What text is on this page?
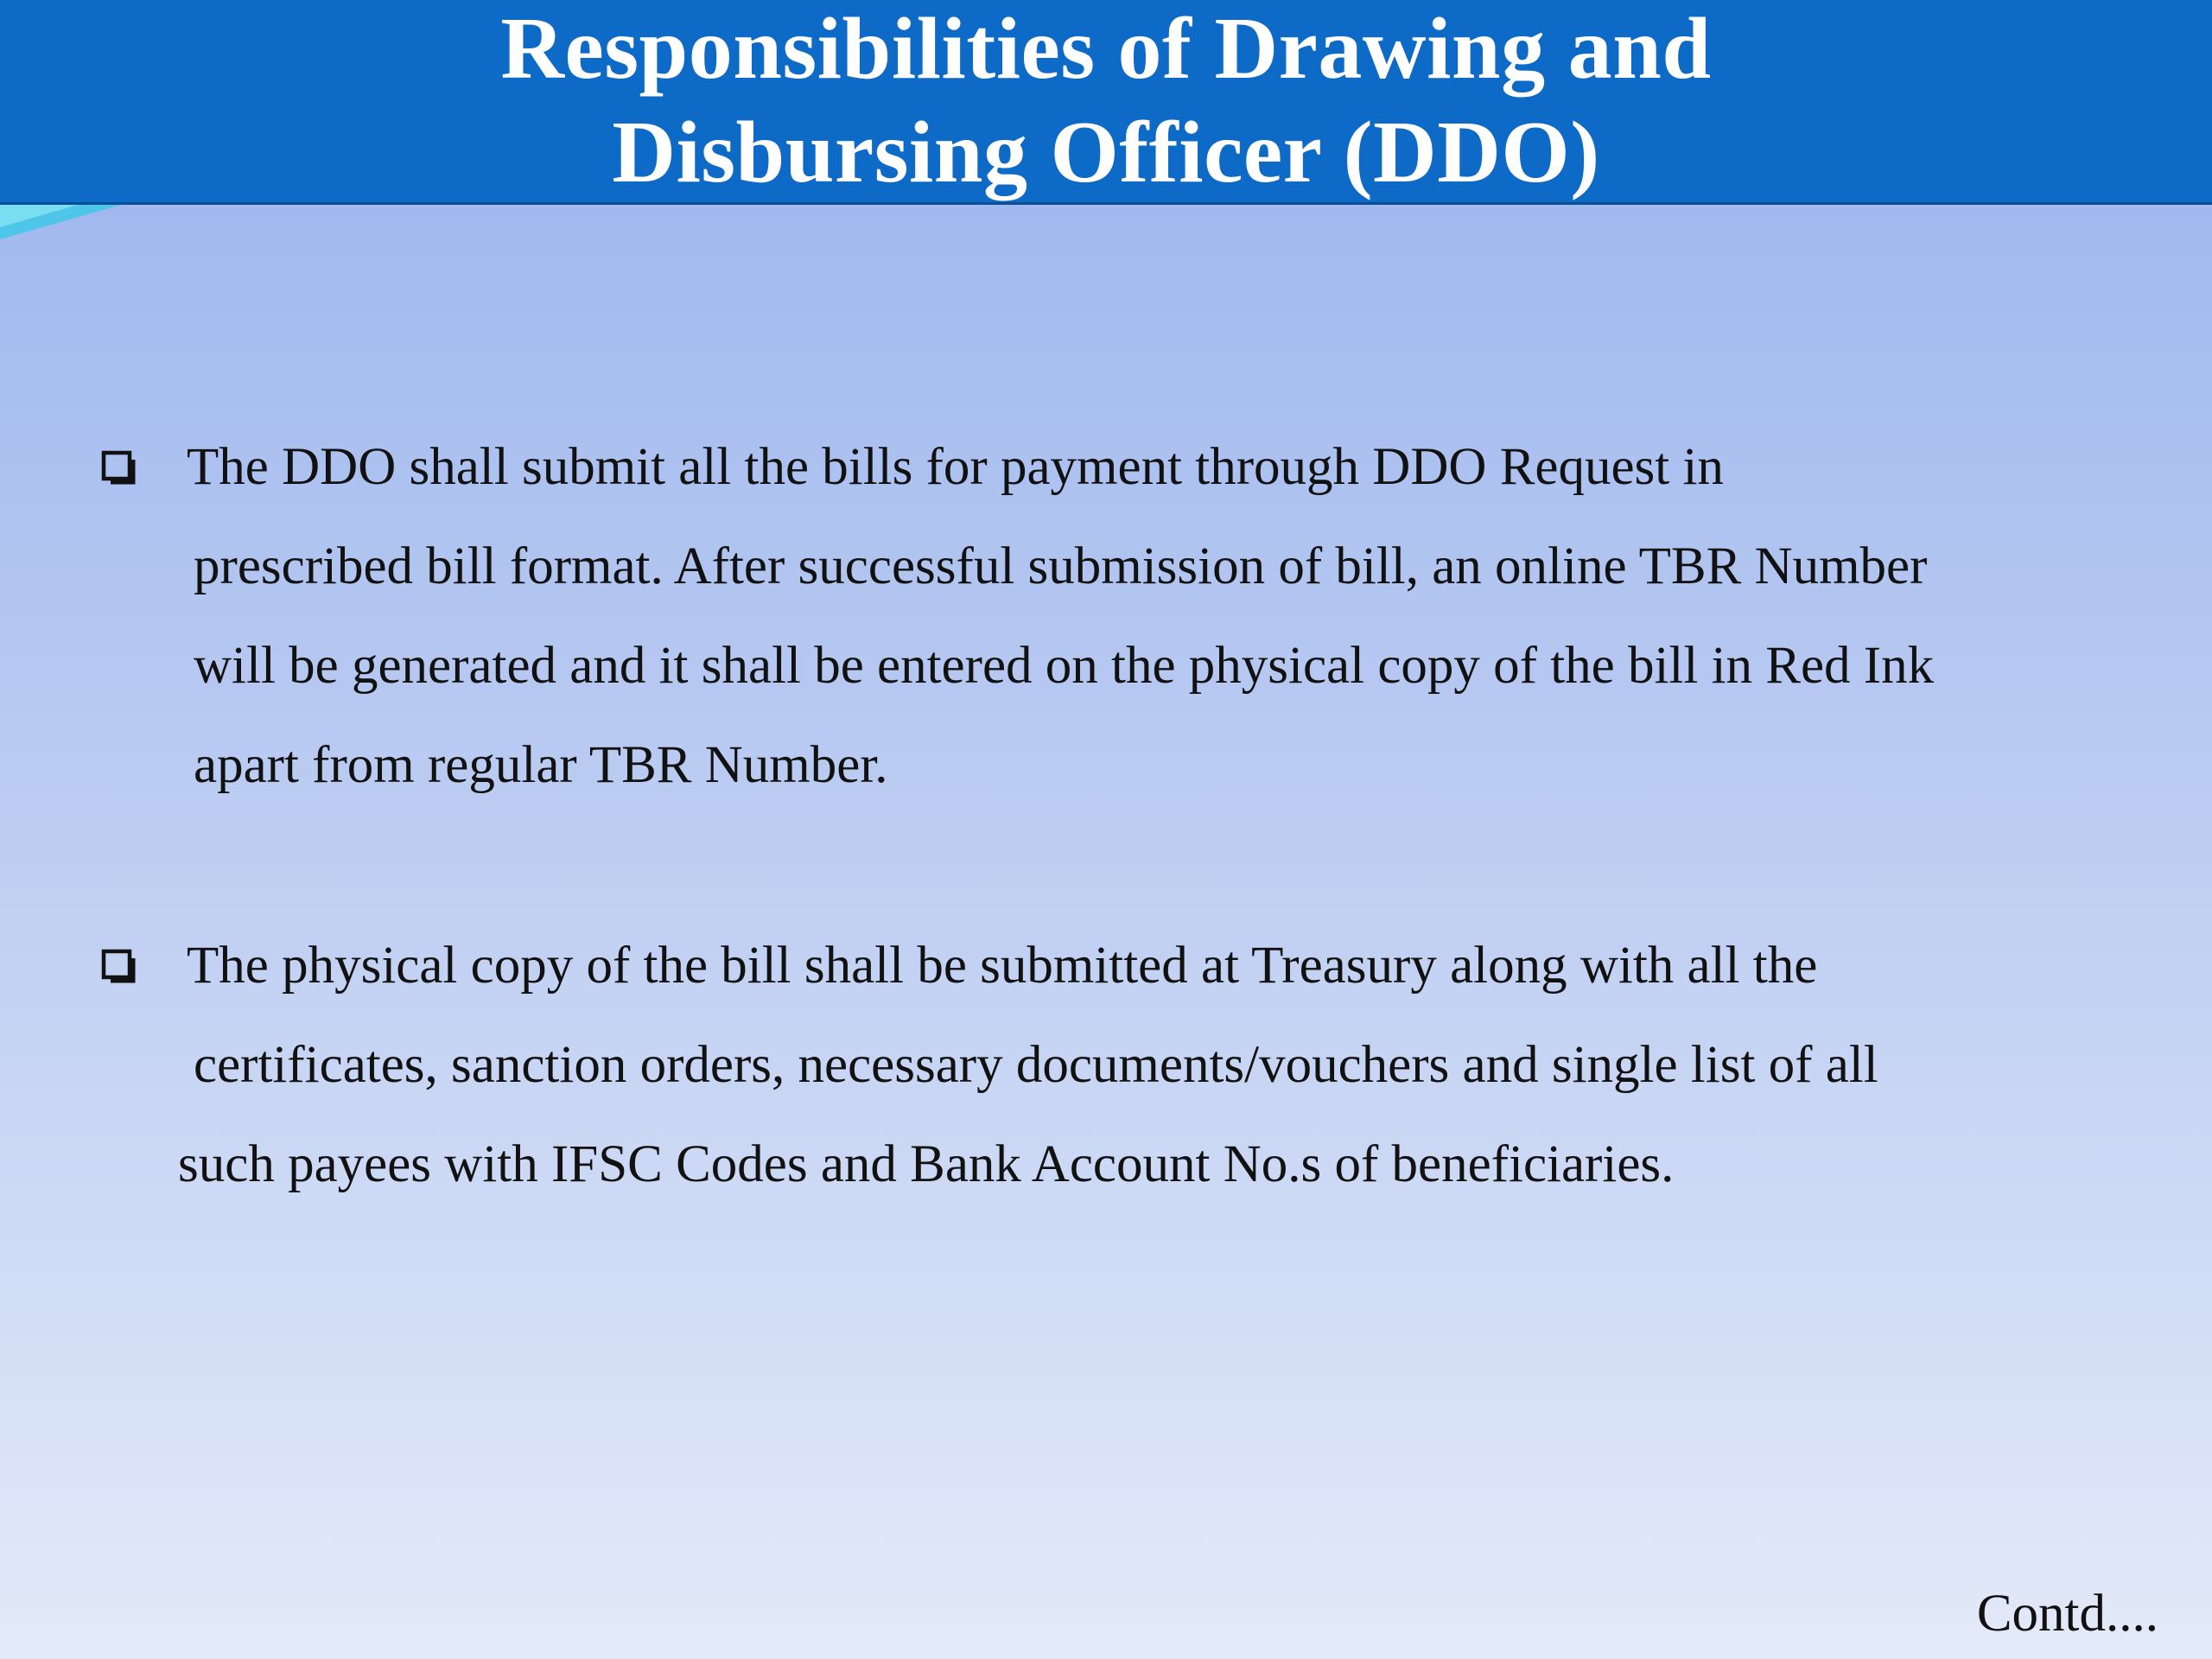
Responsibilities of Drawing and
Disbursing Officer (DDO)
The DDO shall submit all the bills for payment through DDO Request in
prescribed bill format. After successful submission of bill, an online TBR Number
will be generated and it shall be entered on the physical copy of the bill in Red Ink
apart from regular TBR Number.
The physical copy of the bill shall be submitted at Treasury along with all the
certificates, sanction orders, necessary documents/vouchers and single list of all
such payees with IFSC Codes and Bank Account No.s of beneficiaries.
Contd....
